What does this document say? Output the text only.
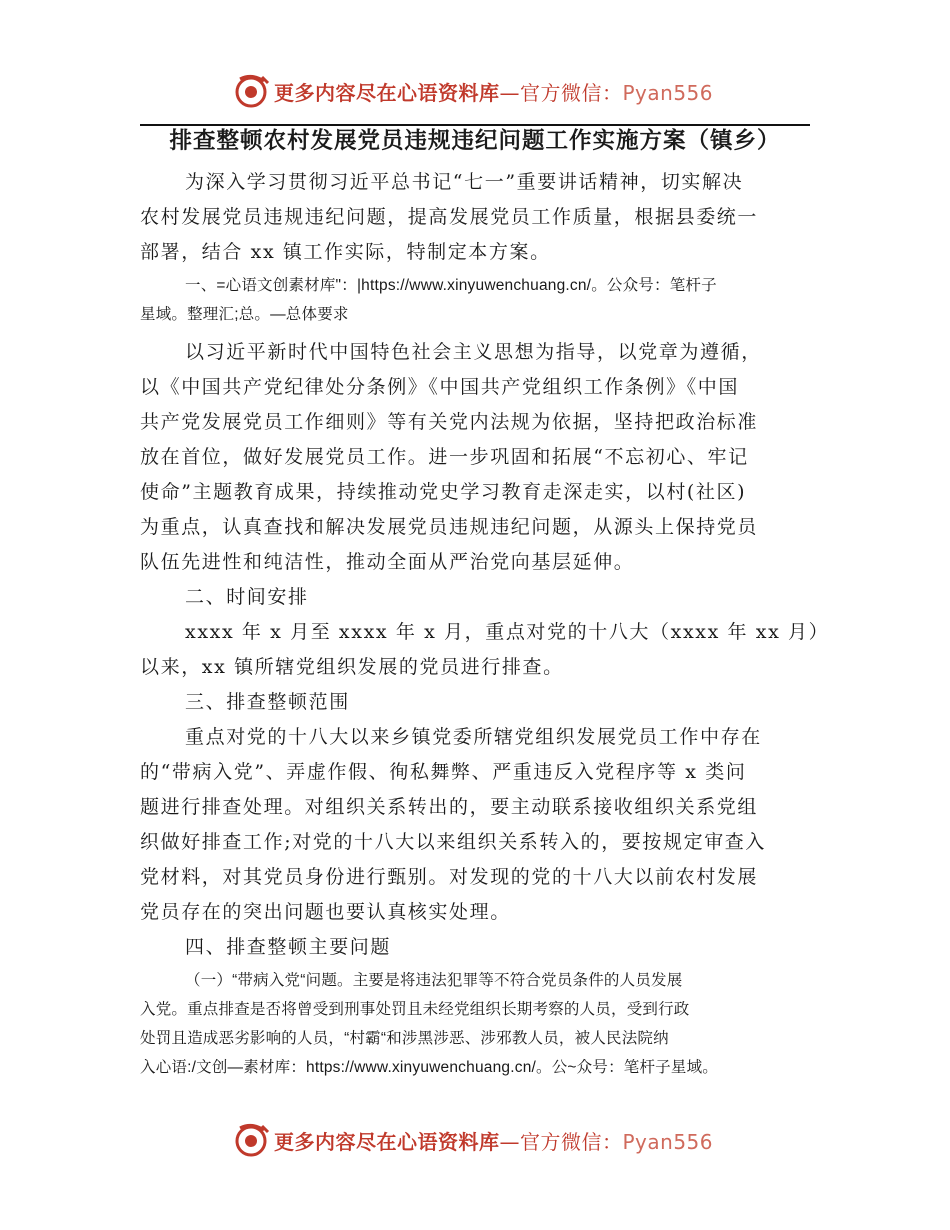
更多内容尽在心语资料库—官方微信：Pyan556
排查整顿农村发展党员违规违纪问题工作实施方案（镇乡）
为深入学习贯彻习近平总书记“七一”重要讲话精神，切实解决
农村发展党员违规违纪问题，提高发展党员工作质量，根据县委统一
部署，结合 xx 镇工作实际，特制定本方案。
一、=心语文创素材库"：|https://www.xinyuwenchuang.cn/。公众号：笔杆子
星域。整理汇;总。—总体要求
以习近平新时代中国特色社会主义思想为指导，以党章为遵循，
以《中国共产党纪律处分条例》《中国共产党组织工作条例》《中国
共产党发展党员工作细则》等有关党内法规为依据，坚持把政治标准
放在首位，做好发展党员工作。进一步巩固和拓展“不忘初心、牢记
使命”主题教育成果，持续推动党史学习教育走深走实，以村(社区)
为重点，认真查找和解决发展党员违规违纪问题，从源头上保持党员
队伍先进性和纯洁性，推动全面从严治党向基层延伸。
二、时间安排
xxxx 年 x 月至 xxxx 年 x 月，重点对党的十八大（xxxx 年 xx 月）
以来，xx 镇所辖党组织发展的党员进行排查。
三、排查整顿范围
重点对党的十八大以来乡镇党委所辖党组织发展党员工作中存在
的“带病入党”、弄虚作假、徇私舞弊、严重违反入党程序等 x 类问
题进行排查处理。对组织关系转出的，要主动联系接收组织关系党组
织做好排查工作;对党的十八大以来组织关系转入的，要按规定审查入
党材料，对其党员身份进行甄别。对发现的党的十八大以前农村发展
党员存在的突出问题也要认真核实处理。
四、排查整顿主要问题
（一）“带病入党“问题。主要是将违法犯罪等不符合党员条件的人员发展
入党。重点排查是否将曾受到刑事处罚且未经党组织长期考察的人员，受到行政
处罚且造成恶劣影响的人员，“村霸“和涉黑涉恶、涉邪教人员，被人民法院纳
入心语:/文创—素材库：https://www.xinyuwenchuang.cn/。公~众号：笔杆子星域。
更多内容尽在心语资料库—官方微信：Pyan556
